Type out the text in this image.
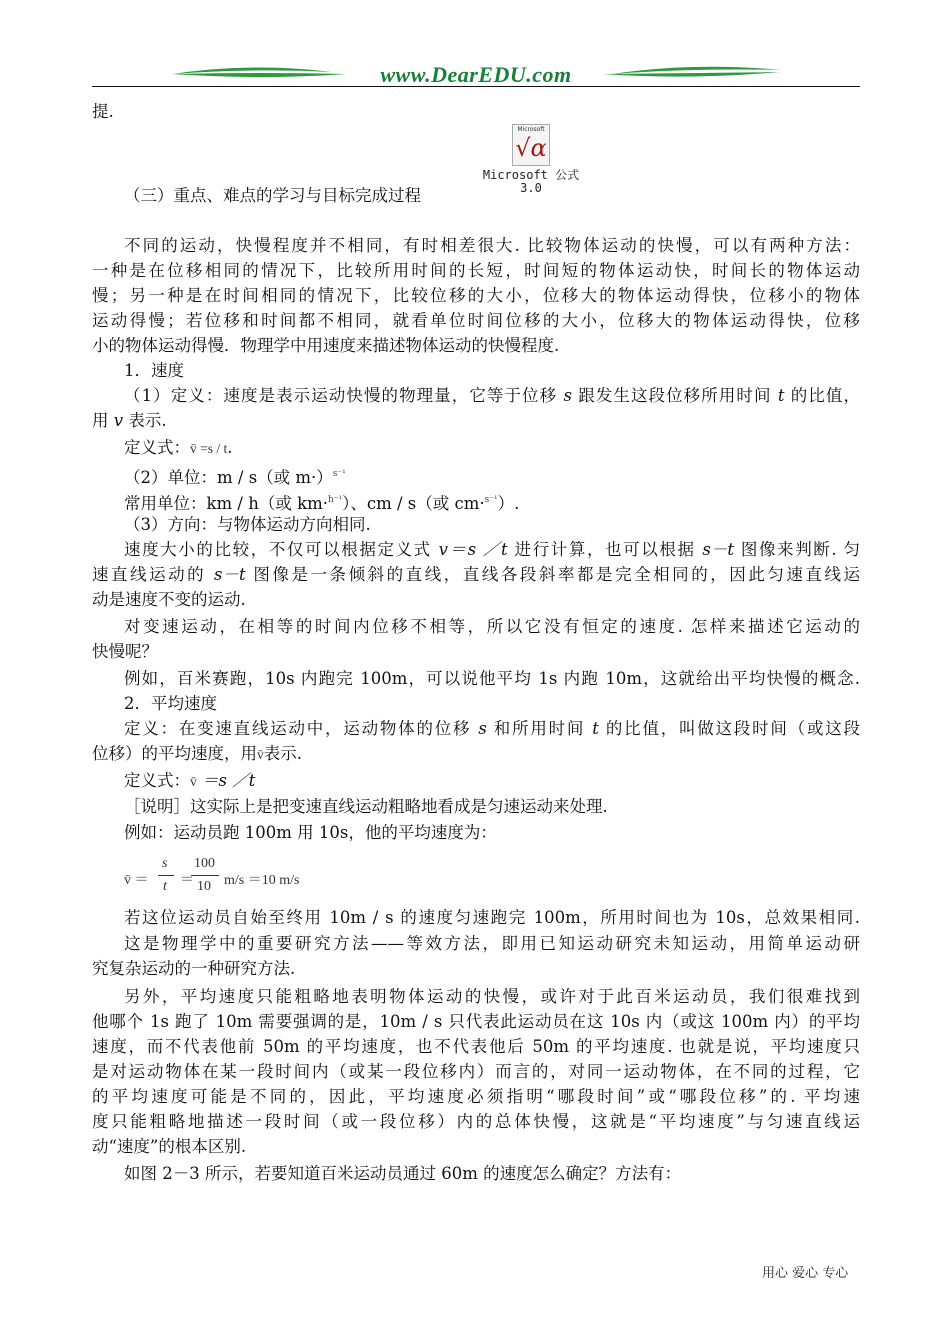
www.DearEDU.com
Microsoft
√α
Microsoft 公式
3.0
提.
（三）重点、难点的学习与目标完成过程
不同的运动，快慢程度并不相同，有时相差很大. 比较物体运动的快慢，可以有两种方法：
一种是在位移相同的情况下，比较所用时间的长短，时间短的物体运动快，时间长的物体运动
慢；另一种是在时间相同的情况下，比较位移的大小，位移大的物体运动得快，位移小的物体
运动得慢；若位移和时间都不相同，就看单位时间位移的大小，位移大的物体运动得快，位移
小的物体运动得慢．物理学中用速度来描述物体运动的快慢程度.
1．速度
（1）定义：速度是表示运动快慢的物理量，它等于位移 s 跟发生这段位移所用时间 t 的比值，
用 v 表示.
定义式：v̄ =s / t.
（2）单位：m / s（或 m·）$^{s^{-1}}$
常用单位：km / h（或 km·$^{h^{-1}}$）、cm / s（或 cm·$^{s^{-1}}$）.
（3）方向：与物体运动方向相同.
速度大小的比较，不仅可以根据定义式 v＝s ／t 进行计算，也可以根据 s－t 图像来判断. 匀
速直线运动的 s－t 图像是一条倾斜的直线，直线各段斜率都是完全相同的，因此匀速直线运
动是速度不变的运动.
对变速运动，在相等的时间内位移不相等，所以它没有恒定的速度. 怎样来描述它运动的
快慢呢？
例如，百米赛跑，10s 内跑完 100m，可以说他平均 1s 内跑 10m，这就给出平均快慢的概念.
2．平均速度
定义：在变速直线运动中，运动物体的位移 s 和所用时间 t 的比值，叫做这段时间（或这段
位移）的平均速度，用v̄表示.
定义式：v̄ ＝s ／t
［说明］这实际上是把变速直线运动粗略地看成是匀速运动来处理.
例如：运动员跑 100m 用 10s，他的平均速度为：
v̄ ＝
s
t ＝
100
10 m/s ＝10 m/s
若这位运动员自始至终用 10m / s 的速度匀速跑完 100m，所用时间也为 10s，总效果相同.
这是物理学中的重要研究方法——等效方法，即用已知运动研究未知运动，用简单运动研
究复杂运动的一种研究方法.
另外，平均速度只能粗略地表明物体运动的快慢，或许对于此百米运动员，我们很难找到
他哪个 1s 跑了 10m 需要强调的是，10m / s 只代表此运动员在这 10s 内（或这 100m 内）的平均
速度，而不代表他前 50m 的平均速度，也不代表他后 50m 的平均速度. 也就是说，平均速度只
是对运动物体在某一段时间内（或某一段位移内）而言的，对同一运动物体，在不同的过程，它
的平均速度可能是不同的，因此，平均速度必须指明“哪段时间”或“哪段位移”的. 平均速
度只能粗略地描述一段时间（或一段位移）内的总体快慢，这就是“平均速度”与匀速直线运
动“速度”的根本区别.
如图 2－3 所示，若要知道百米运动员通过 60m 的速度怎么确定？方法有：
用心 爱心 专心
